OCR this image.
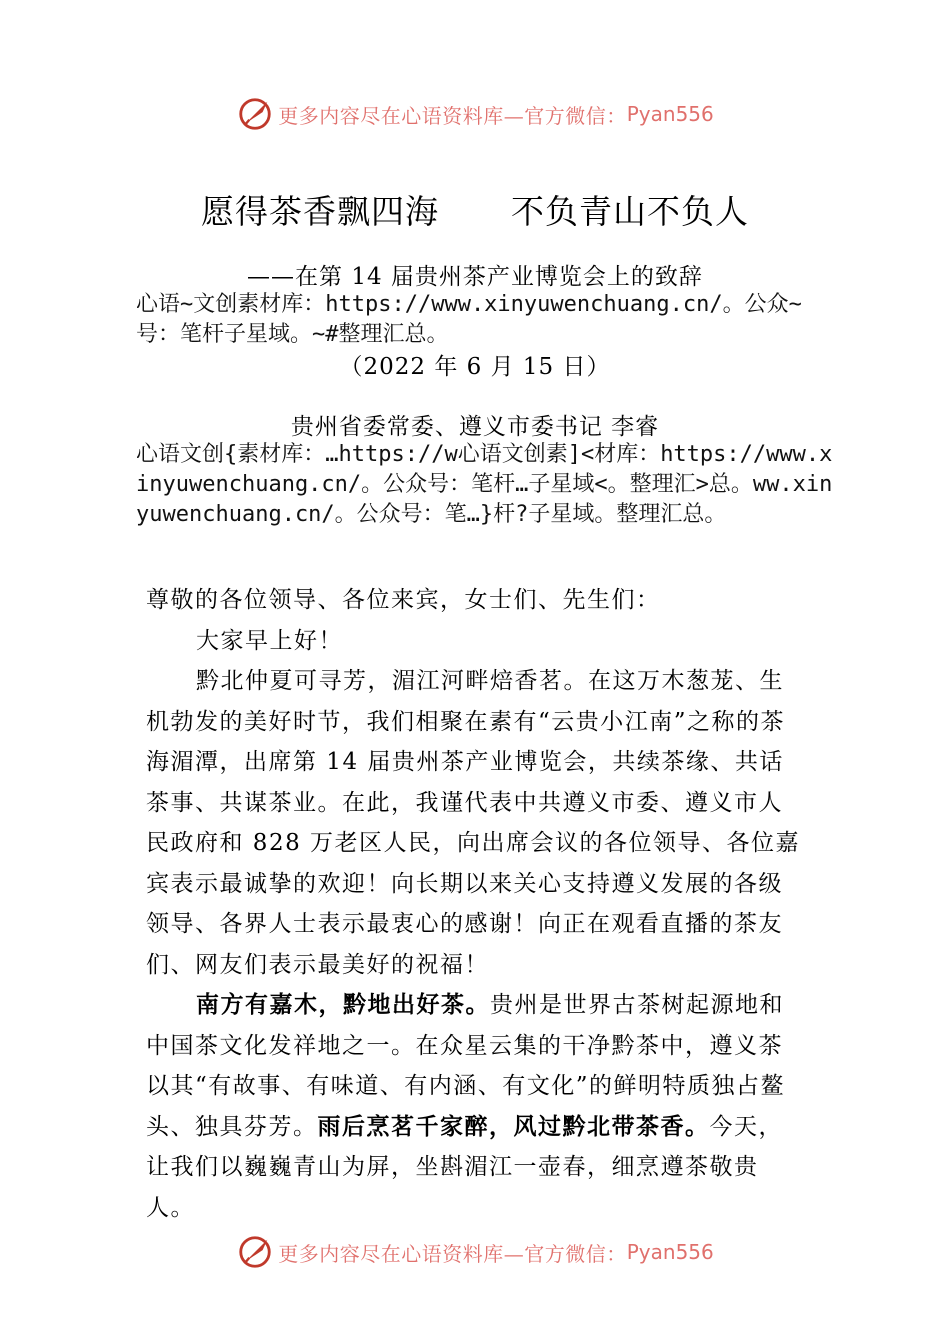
更多内容尽在心语资料库—官方微信： Pyan556
愿得茶香飘四海 不负青山不负人
——在第 14 届贵州茶产业博览会上的致辞
心语~文创素材库：https://www.xinyuwenchuang.cn/。公众~号：笔杆子星域。~#整理汇总。
（2022 年 6 月 15 日）
贵州省委常委、遵义市委书记 李睿
心语文创{素材库：…https://w心语文创素]<材库：https://www.xinyuwenchuang.cn/。公众号：笔杆…子星域<。整理汇>总。ww.xinyuwenchuang.cn/。公众号：笔…}杆?子星域。整理汇总。

尊敬的各位领导、各位来宾，女士们、先生们：

大家早上好！

黔北仲夏可寻芳，湄江河畔焙香茗。在这万木葱茏、生机勃发的美好时节，我们相聚在素有“云贵小江南”之称的茶海湄潭，出席第 14 届贵州茶产业博览会，共续茶缘、共话茶事、共谋茶业。在此，我谨代表中共遵义市委、遵义市人民政府和 828 万老区人民，向出席会议的各位领导、各位嘉宾表示最诚挚的欢迎！向长期以来关心支持遵义发展的各级领导、各界人士表示最衷心的感谢！向正在观看直播的茶友们、网友们表示最美好的祝福！

南方有嘉木，黔地出好茶。贵州是世界古茶树起源地和中国茶文化发祥地之一。在众星云集的干净黔茶中，遵义茶以其“有故事、有味道、有内涵、有文化”的鲜明特质独占鳌头、独具芬芳。雨后烹茗千家醉，风过黔北带茶香。今天，让我们以巍巍青山为屏，坐斟湄江一壶春，细烹遵茶敬贵人。

更多内容尽在心语资料库—官方微信： Pyan556
